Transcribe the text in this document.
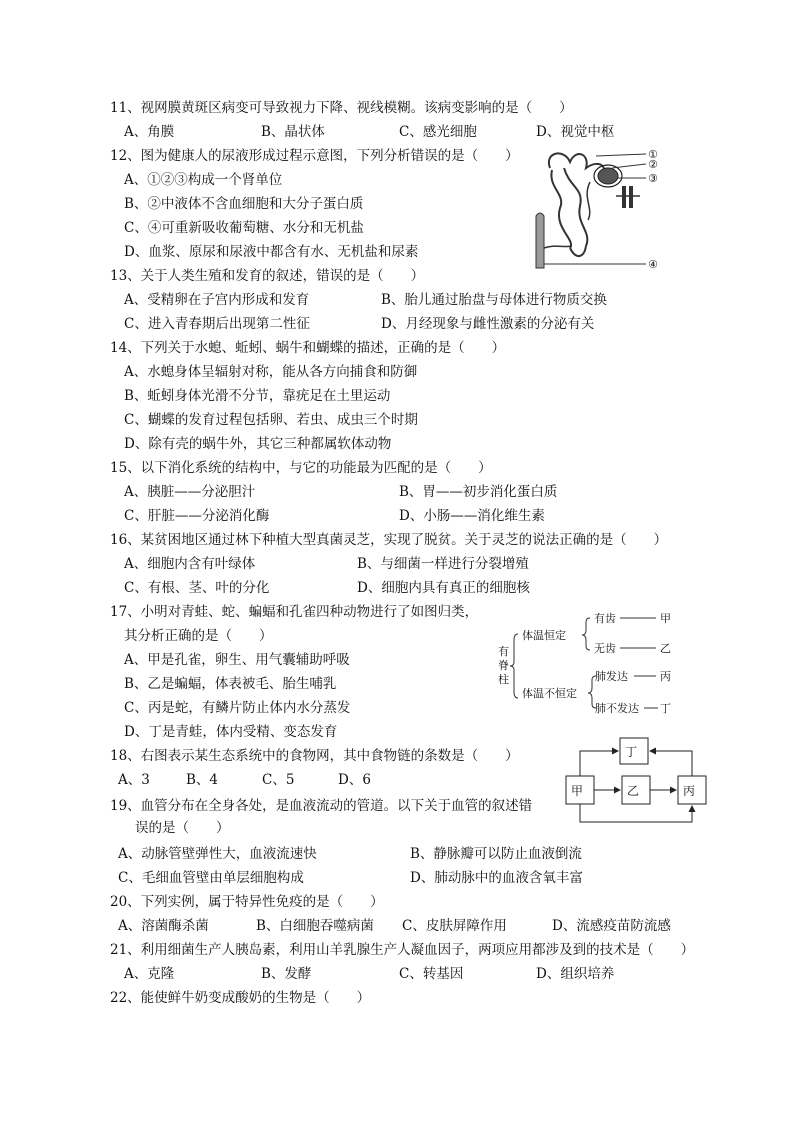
11、视网膜黄斑区病变可导致视力下降、视线模糊。该病变影响的是（　　）
A、角膜	B、晶状体	C、感光细胞	D、视觉中枢
12、图为健康人的尿液形成过程示意图，下列分析错误的是（　　）
A、①②③构成一个肾单位
B、②中液体不含血细胞和大分子蛋白质
C、④可重新吸收葡萄糖、水分和无机盐
D、血浆、原尿和尿液中都含有水、无机盐和尿素
①
②
③
④
13、关于人类生殖和发育的叙述，错误的是（　　）
A、受精卵在子宫内形成和发育	B、胎儿通过胎盘与母体进行物质交换
C、进入青春期后出现第二性征	D、月经现象与雌性激素的分泌有关
14、下列关于水螅、蚯蚓、蜗牛和蝴蝶的描述，正确的是（　　）
A、水螅身体呈辐射对称，能从各方向捕食和防御
B、蚯蚓身体光滑不分节，靠疣足在土里运动
C、蝴蝶的发育过程包括卵、若虫、成虫三个时期
D、除有壳的蜗牛外，其它三种都属软体动物
15、以下消化系统的结构中，与它的功能最为匹配的是（　　）
A、胰脏——分泌胆汁	B、胃——初步消化蛋白质
C、肝脏——分泌消化酶	D、小肠——消化维生素
16、某贫困地区通过林下种植大型真菌灵芝，实现了脱贫。关于灵芝的说法正确的是（　　）
A、细胞内含有叶绿体	B、与细菌一样进行分裂增殖
C、有根、茎、叶的分化	D、细胞内具有真正的细胞核
17、小明对青蛙、蛇、蝙蝠和孔雀四种动物进行了如图归类，
其分析正确的是（　　）
A、甲是孔雀，卵生、用气囊辅助呼吸
B、乙是蝙蝠，体表被毛、胎生哺乳
C、丙是蛇，有鳞片防止体内水分蒸发
D、丁是青蛙，体内受精、变态发育
有
脊
柱
体温恒定
体温不恒定
有齿	甲
无齿	乙
肺发达	丙
肺不发达 丁
18、右图表示某生态系统中的食物网，其中食物链的条数是（　　）
A、3	B、4	C、5	D、6
丁
甲	乙	丙
19、血管分布在全身各处，是血液流动的管道。以下关于血管的叙述错
误的是（　　）
A、动脉管壁弹性大，血液流速快	B、静脉瓣可以防止血液倒流
C、毛细血管壁由单层细胞构成	D、肺动脉中的血液含氧丰富
20、下列实例，属于特异性免疫的是（　　）
A、溶菌酶杀菌	B、白细胞吞噬病菌 C、皮肤屏障作用	D、流感疫苗防流感
21、利用细菌生产人胰岛素，利用山羊乳腺生产人凝血因子，两项应用都涉及到的技术是（　　）
A、克隆	B、发酵	C、转基因	D、组织培养
22、能使鲜牛奶变成酸奶的生物是（　　）
